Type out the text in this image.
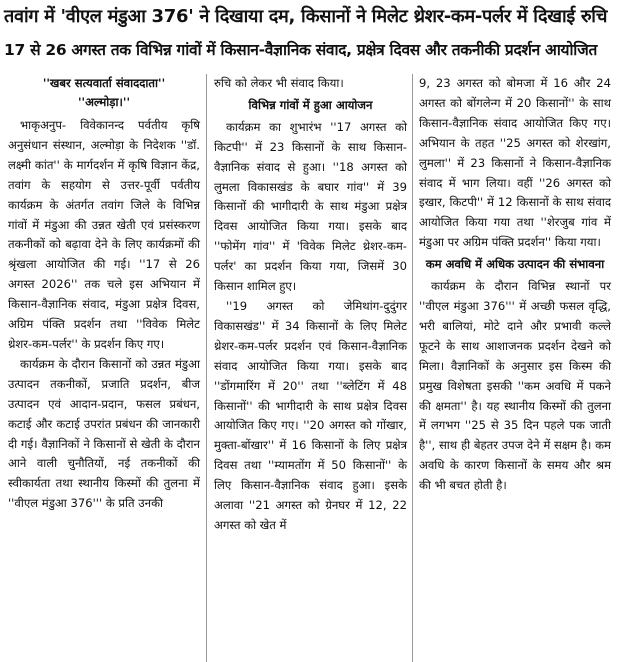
तवांग में 'वीएल मंडुआ 376' ने दिखाया दम, किसानों ने मिलेट थ्रेशर-कम-पर्लर में दिखाई रुचि
17 से 26 अगस्त तक विभिन्न गांवों में किसान-वैज्ञानिक संवाद, प्रक्षेत्र दिवस और तकनीकी प्रदर्शन आयोजित
''खबर सत्यवार्ता संवाददाता''
''अल्मोड़ा।''

भाकृअनुप- विवेकानन्द पर्वतीय कृषि अनुसंधान संस्थान, अल्मोड़ा के निदेशक ''डॉ. लक्ष्मी कांत'' के मार्गदर्शन में कृषि विज्ञान केंद्र, तवांग के सहयोग से उत्तर-पूर्वी पर्वतीय कार्यक्रम के अंतर्गत तवांग जिले के विभिन्न गांवों में मंडुआ की उन्नत खेती एवं प्रसंस्करण तकनीकों को बढ़ावा देने के लिए कार्यक्रमों की श्रृंखला आयोजित की गई। ''17 से 26 अगस्त 2026'' तक चले इस अभियान में किसान-वैज्ञानिक संवाद, मंडुआ प्रक्षेत्र दिवस, अग्रिम पंक्ति प्रदर्शन तथा ''विवेक मिलेट थ्रेशर-कम-पर्लर'' के प्रदर्शन किए गए।

कार्यक्रम के दौरान किसानों को उन्नत मंडुआ उत्पादन तकनीकों, प्रजाति प्रदर्शन, बीज उत्पादन एवं आदान-प्रदान, फसल प्रबंधन, कटाई और कटाई उपरांत प्रबंधन की जानकारी दी गई। वैज्ञानिकों ने किसानों से खेती के दौरान आने वाली चुनौतियों, नई तकनीकों की स्वीकार्यता तथा स्थानीय किस्मों की तुलना में ''वीएल मंडुआ 376''' के प्रति उनकी

रुचि को लेकर भी संवाद किया।

विभिन्न गांवों में हुआ आयोजन

कार्यक्रम का शुभारंभ ''17 अगस्त को किटपी'' में 23 किसानों के साथ किसान-वैज्ञानिक संवाद से हुआ। ''18 अगस्त को लुमला विकासखंड के बघार गांव'' में 39 किसानों की भागीदारी के साथ मंडुआ प्रक्षेत्र दिवस आयोजित किया गया। इसके बाद ''फोमेंग गांव'' में 'विवेक मिलेट थ्रेशर-कम-पर्लर' का प्रदर्शन किया गया, जिसमें 30 किसान शामिल हुए।

''19 अगस्त को जेमिथांग-दुदुंगर विकासखंड'' में 34 किसानों के लिए मिलेट थ्रेशर-कम-पर्लर प्रदर्शन एवं किसान-वैज्ञानिक संवाद आयोजित किया गया। इसके बाद ''डोंगमारिंग में 20'' तथा ''ब्लेटिंग में 48 किसानों'' की भागीदारी के साथ प्रक्षेत्र दिवस आयोजित किए गए। ''20 अगस्त को गोंखार, मुक्ता-बोंखार'' में 16 किसानों के लिए प्रक्षेत्र दिवस तथा ''म्यामतोंग में 50 किसानों'' के लिए किसान-वैज्ञानिक संवाद हुआ। इसके अलावा ''21 अगस्त को ग्रेनघर में 12, 22 अगस्त को खेत में

9, 23 अगस्त को बोमजा में 16 और 24 अगस्त को बोंगलेन्ग में 20 किसानों'' के साथ किसान-वैज्ञानिक संवाद आयोजित किए गए।अभियान के तहत ''25 अगस्त को शेरखांग, लुमला'' में 23 किसानों ने किसान-वैज्ञानिक संवाद में भाग लिया। वहीं ''26 अगस्त को इखार, किटपी'' में 12 किसानों के साथ संवाद आयोजित किया गया तथा ''शेरजुब गांव में मंडुआ पर अग्रिम पंक्ति प्रदर्शन'' किया गया।

कम अवधि में अधिक उत्पादन की संभावना

कार्यक्रम के दौरान विभिन्न स्थानों पर ''वीएल मंडुआ 376''' में अच्छी फसल वृद्धि, भरी बालियां, मोटे दाने और प्रभावी कल्ले फूटने के साथ आशाजनक प्रदर्शन देखने को मिला। वैज्ञानिकों के अनुसार इस किस्म की प्रमुख विशेषता इसकी ''कम अवधि में पकने की क्षमता'' है। यह स्थानीय किस्मों की तुलना में लगभग ''25 से 35 दिन पहले पक जाती है'', साथ ही बेहतर उपज देने में सक्षम है। कम अवधि के कारण किसानों के समय और श्रम की भी बचत होती है।
